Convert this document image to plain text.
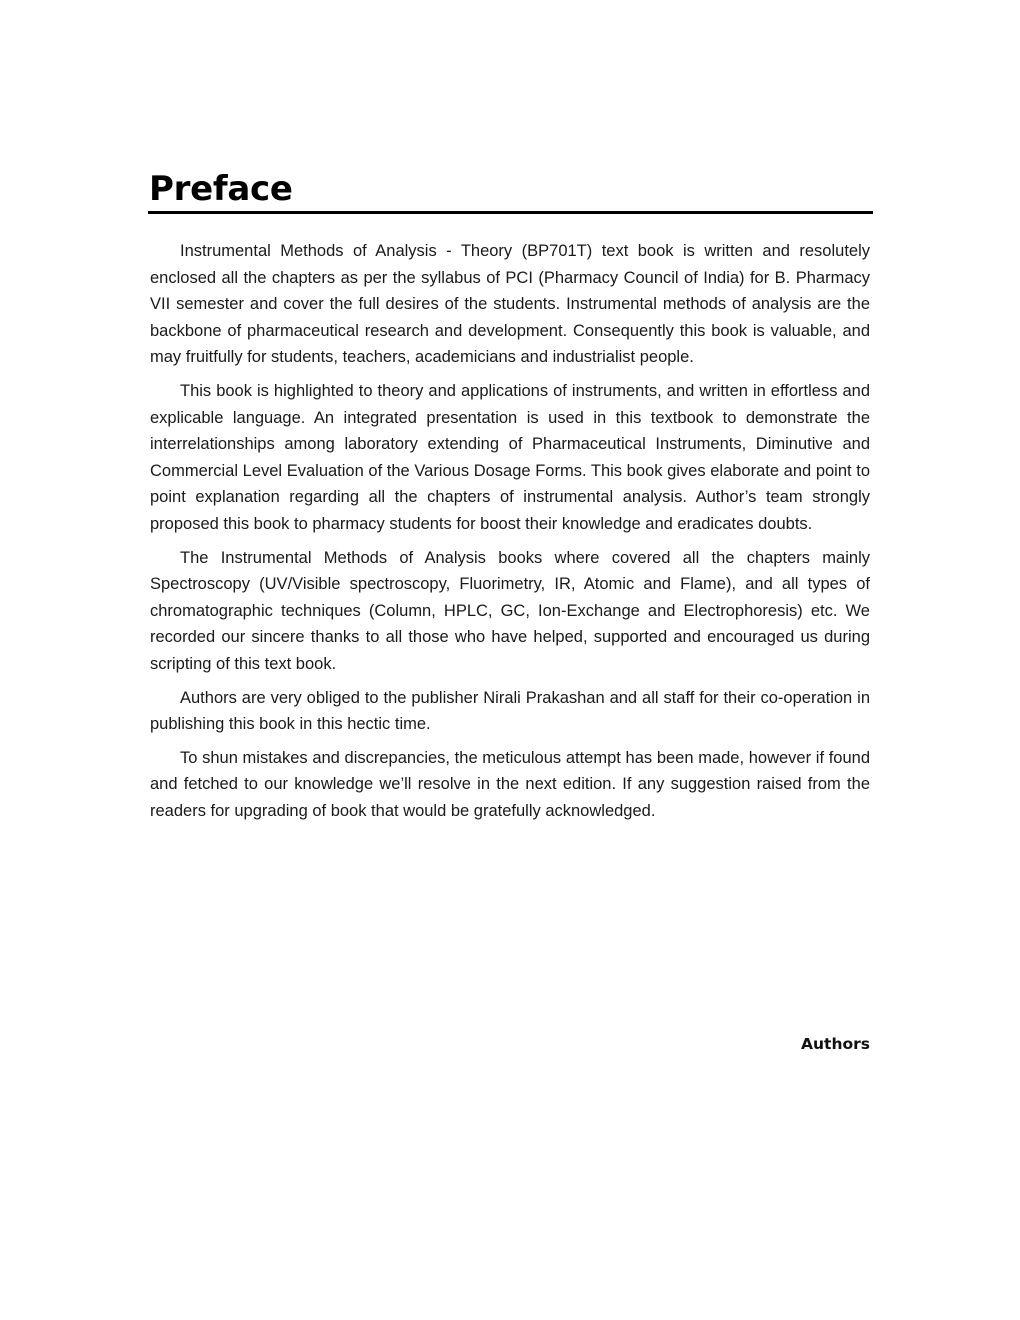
Preface

Instrumental Methods of Analysis - Theory (BP701T) text book is written and resolutely enclosed all the chapters as per the syllabus of PCI (Pharmacy Council of India) for B. Pharmacy VII semester and cover the full desires of the students. Instrumental methods of analysis are the backbone of pharmaceutical research and development. Consequently this book is valuable, and may fruitfully for students, teachers, academicians and industrialist people.

This book is highlighted to theory and applications of instruments, and written in effortless and explicable language. An integrated presentation is used in this textbook to demonstrate the interrelationships among laboratory extending of Pharmaceutical Instruments, Diminutive and Commercial Level Evaluation of the Various Dosage Forms. This book gives elaborate and point to point explanation regarding all the chapters of instrumental analysis. Author’s team strongly proposed this book to pharmacy students for boost their knowledge and eradicates doubts.

The Instrumental Methods of Analysis books where covered all the chapters mainly Spectroscopy (UV/Visible spectroscopy, Fluorimetry, IR, Atomic and Flame), and all types of chromatographic techniques (Column, HPLC, GC, Ion-Exchange and Electrophoresis) etc. We recorded our sincere thanks to all those who have helped, supported and encouraged us during scripting of this text book.

Authors are very obliged to the publisher Nirali Prakashan and all staff for their co-operation in publishing this book in this hectic time.

To shun mistakes and discrepancies, the meticulous attempt has been made, however if found and fetched to our knowledge we’ll resolve in the next edition. If any suggestion raised from the readers for upgrading of book that would be gratefully acknowledged.

Authors
